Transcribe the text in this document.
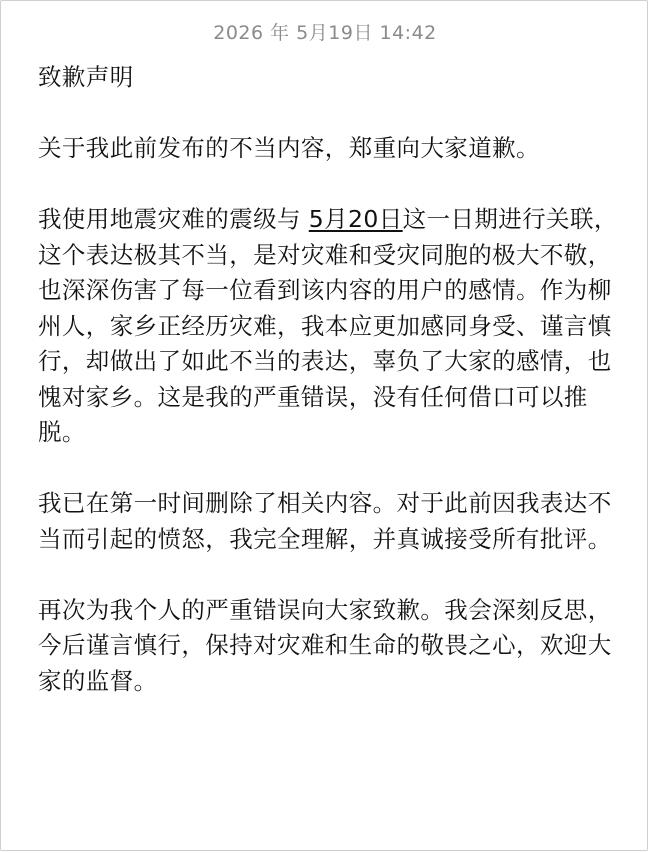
2026 年 5月19日 14:42

致歉声明

关于我此前发布的不当内容，郑重向大家道歉。

我使用地震灾难的震级与 5月20日这一日期进行关联，这个表达极其不当，是对灾难和受灾同胞的极大不敬，也深深伤害了每一位看到该内容的用户的感情。作为柳州人，家乡正经历灾难，我本应更加感同身受、谨言慎行，却做出了如此不当的表达，辜负了大家的感情，也愧对家乡。这是我的严重错误，没有任何借口可以推脱。

我已在第一时间删除了相关内容。对于此前因我表达不当而引起的愤怒，我完全理解，并真诚接受所有批评。

再次为我个人的严重错误向大家致歉。我会深刻反思，今后谨言慎行，保持对灾难和生命的敬畏之心，欢迎大家的监督。
